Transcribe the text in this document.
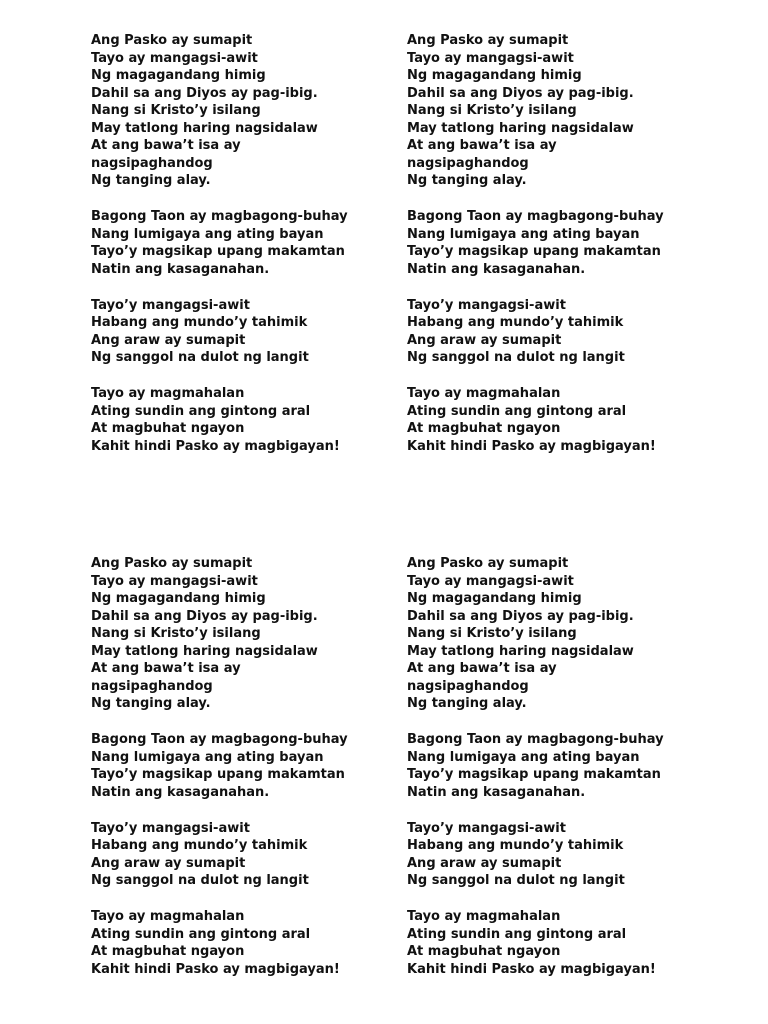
Ang Pasko ay sumapit
Tayo ay mangagsi-awit
Ng magagandang himig
Dahil sa ang Diyos ay pag-ibig.
Nang si Kristo’y isilang
May tatlong haring nagsidalaw
At ang bawa’t isa ay
nagsipaghandog
Ng tanging alay.
Bagong Taon ay magbagong-buhay
Nang lumigaya ang ating bayan
Tayo’y magsikap upang makamtan
Natin ang kasaganahan.
Tayo’y mangagsi-awit
Habang ang mundo’y tahimik
Ang araw ay sumapit
Ng sanggol na dulot ng langit
Tayo ay magmahalan
Ating sundin ang gintong aral
At magbuhat ngayon
Kahit hindi Pasko ay magbigayan!
Ang Pasko ay sumapit
Tayo ay mangagsi-awit
Ng magagandang himig
Dahil sa ang Diyos ay pag-ibig.
Nang si Kristo’y isilang
May tatlong haring nagsidalaw
At ang bawa’t isa ay
nagsipaghandog
Ng tanging alay.
Bagong Taon ay magbagong-buhay
Nang lumigaya ang ating bayan
Tayo’y magsikap upang makamtan
Natin ang kasaganahan.
Tayo’y mangagsi-awit
Habang ang mundo’y tahimik
Ang araw ay sumapit
Ng sanggol na dulot ng langit
Tayo ay magmahalan
Ating sundin ang gintong aral
At magbuhat ngayon
Kahit hindi Pasko ay magbigayan!
Ang Pasko ay sumapit
Tayo ay mangagsi-awit
Ng magagandang himig
Dahil sa ang Diyos ay pag-ibig.
Nang si Kristo’y isilang
May tatlong haring nagsidalaw
At ang bawa’t isa ay
nagsipaghandog
Ng tanging alay.
Bagong Taon ay magbagong-buhay
Nang lumigaya ang ating bayan
Tayo’y magsikap upang makamtan
Natin ang kasaganahan.
Tayo’y mangagsi-awit
Habang ang mundo’y tahimik
Ang araw ay sumapit
Ng sanggol na dulot ng langit
Tayo ay magmahalan
Ating sundin ang gintong aral
At magbuhat ngayon
Kahit hindi Pasko ay magbigayan!
Ang Pasko ay sumapit
Tayo ay mangagsi-awit
Ng magagandang himig
Dahil sa ang Diyos ay pag-ibig.
Nang si Kristo’y isilang
May tatlong haring nagsidalaw
At ang bawa’t isa ay
nagsipaghandog
Ng tanging alay.
Bagong Taon ay magbagong-buhay
Nang lumigaya ang ating bayan
Tayo’y magsikap upang makamtan
Natin ang kasaganahan.
Tayo’y mangagsi-awit
Habang ang mundo’y tahimik
Ang araw ay sumapit
Ng sanggol na dulot ng langit
Tayo ay magmahalan
Ating sundin ang gintong aral
At magbuhat ngayon
Kahit hindi Pasko ay magbigayan!
